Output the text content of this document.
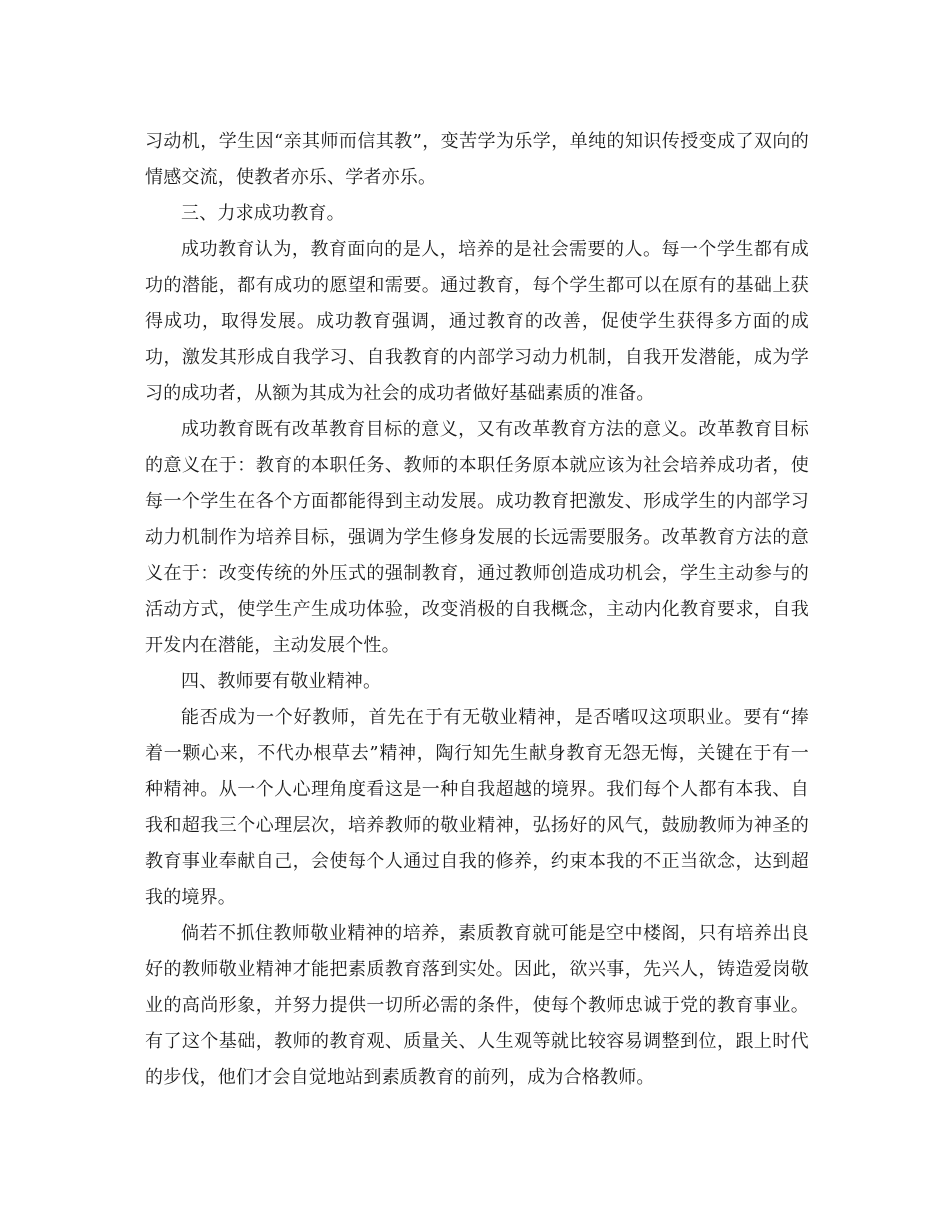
习动机，学生因“亲其师而信其教”，变苦学为乐学，单纯的知识传授变成了双向的情感交流，使教者亦乐、学者亦乐。

三、力求成功教育。

成功教育认为，教育面向的是人，培养的是社会需要的人。每一个学生都有成功的潜能，都有成功的愿望和需要。通过教育，每个学生都可以在原有的基础上获得成功，取得发展。成功教育强调，通过教育的改善，促使学生获得多方面的成功，激发其形成自我学习、自我教育的内部学习动力机制，自我开发潜能，成为学习的成功者，从额为其成为社会的成功者做好基础素质的准备。

成功教育既有改革教育目标的意义，又有改革教育方法的意义。改革教育目标的意义在于：教育的本职任务、教师的本职任务原本就应该为社会培养成功者，使每一个学生在各个方面都能得到主动发展。成功教育把激发、形成学生的内部学习动力机制作为培养目标，强调为学生修身发展的长远需要服务。改革教育方法的意义在于：改变传统的外压式的强制教育，通过教师创造成功机会，学生主动参与的活动方式，使学生产生成功体验，改变消极的自我概念，主动内化教育要求，自我开发内在潜能，主动发展个性。

四、教师要有敬业精神。

能否成为一个好教师，首先在于有无敬业精神，是否嗜叹这项职业。要有“捧着一颗心来，不代办根草去”精神，陶行知先生献身教育无怨无悔，关键在于有一种精神。从一个人心理角度看这是一种自我超越的境界。我们每个人都有本我、自我和超我三个心理层次，培养教师的敬业精神，弘扬好的风气，鼓励教师为神圣的教育事业奉献自己，会使每个人通过自我的修养，约束本我的不正当欲念，达到超我的境界。

倘若不抓住教师敬业精神的培养，素质教育就可能是空中楼阁，只有培养出良好的教师敬业精神才能把素质教育落到实处。因此，欲兴事，先兴人，铸造爱岗敬业的高尚形象，并努力提供一切所必需的条件，使每个教师忠诚于党的教育事业。有了这个基础，教师的教育观、质量关、人生观等就比较容易调整到位，跟上时代的步伐，他们才会自觉地站到素质教育的前列，成为合格教师。
